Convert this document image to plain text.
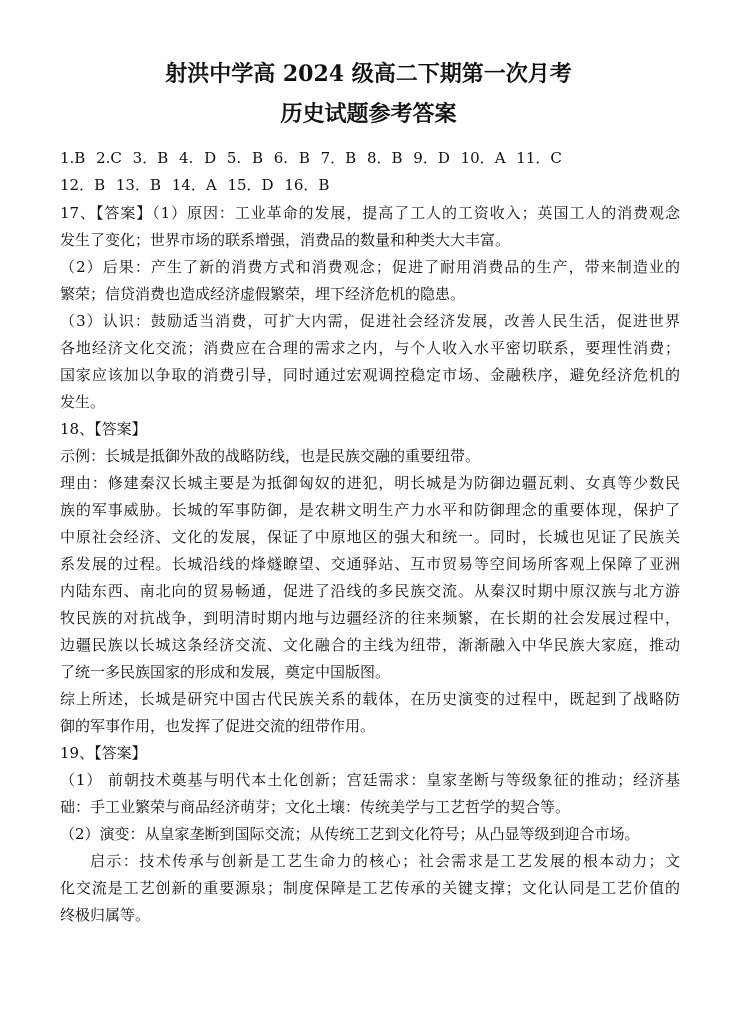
射洪中学高 2024 级高二下期第一次月考
历史试题参考答案

1.B 2.C 3．B 4. D 5. B 6. B 7．B 8．B 9．D 10．A 11．C

12．B 13．B 14．A 15．D 16．B

17、【答案】（1）原因：工业革命的发展，提高了工人的工资收入；英国工人的消费观念

发生了变化；世界市场的联系增强，消费品的数量和种类大大丰富。

（2）后果：产生了新的消费方式和消费观念；促进了耐用消费品的生产，带来制造业的

繁荣；信贷消费也造成经济虚假繁荣，埋下经济危机的隐患。

（3）认识：鼓励适当消费，可扩大内需，促进社会经济发展，改善人民生活，促进世界

各地经济文化交流；消费应在合理的需求之内，与个人收入水平密切联系，要理性消费；

国家应该加以争取的消费引导，同时通过宏观调控稳定市场、金融秩序，避免经济危机的

发生。

18、【答案】

示例：长城是抵御外敌的战略防线，也是民族交融的重要纽带。

理由：修建秦汉长城主要是为抵御匈奴的进犯，明长城是为防御边疆瓦剌、女真等少数民

族的军事威胁。长城的军事防御，是农耕文明生产力水平和防御理念的重要体现，保护了

中原社会经济、文化的发展，保证了中原地区的强大和统一。同时，长城也见证了民族关

系发展的过程。长城沿线的烽燧瞭望、交通驿站、互市贸易等空间场所客观上保障了亚洲

内陆东西、南北向的贸易畅通，促进了沿线的多民族交流。从秦汉时期中原汉族与北方游

牧民族的对抗战争，到明清时期内地与边疆经济的往来频繁，在长期的社会发展过程中，

边疆民族以长城这条经济交流、文化融合的主线为纽带，渐渐融入中华民族大家庭，推动

了统一多民族国家的形成和发展，奠定中国版图。

综上所述，长城是研究中国古代民族关系的载体，在历史演变的过程中，既起到了战略防

御的军事作用，也发挥了促进交流的纽带作用。

19、【答案】

（1） 前朝技术奠基与明代本土化创新；宫廷需求：皇家垄断与等级象征的推动；经济基

础：手工业繁荣与商品经济萌芽；文化土壤：传统美学与工艺哲学的契合等。

（2）演变：从皇家垄断到国际交流；从传统工艺到文化符号；从凸显等级到迎合市场。

启示：技术传承与创新是工艺生命力的核心；社会需求是工艺发展的根本动力；文

化交流是工艺创新的重要源泉；制度保障是工艺传承的关键支撑；文化认同是工艺价值的

终极归属等。
